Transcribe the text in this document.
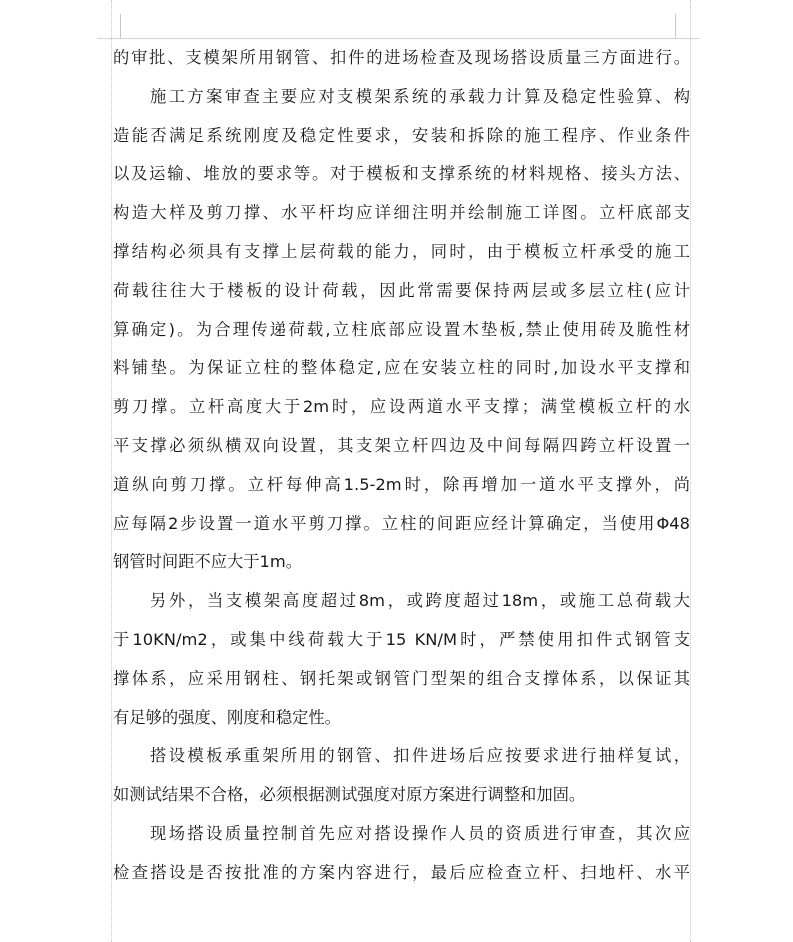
的审批、支模架所用钢管、扣件的进场检查及现场搭设质量三方面进行。
施工方案审查主要应对支模架系统的承载力计算及稳定性验算、构
造能否满足系统刚度及稳定性要求，安装和拆除的施工程序、作业条件
以及运输、堆放的要求等。对于模板和支撑系统的材料规格、接头方法、
构造大样及剪刀撑、水平杆均应详细注明并绘制施工详图。立杆底部支
撑结构必须具有支撑上层荷载的能力，同时，由于模板立杆承受的施工
荷载往往大于楼板的设计荷载，因此常需要保持两层或多层立柱(应计
算确定)。为合理传递荷载,立柱底部应设置木垫板,禁止使用砖及脆性材
料铺垫。为保证立柱的整体稳定,应在安装立柱的同时,加设水平支撑和
剪刀撑。立杆高度大于2m时，应设两道水平支撑；满堂模板立杆的水
平支撑必须纵横双向设置，其支架立杆四边及中间每隔四跨立杆设置一
道纵向剪刀撑。立杆每伸高1.5-2m时，除再增加一道水平支撑外，尚
应每隔2步设置一道水平剪刀撑。立柱的间距应经计算确定，当使用Φ48
钢管时间距不应大于1m。
另外，当支模架高度超过8m，或跨度超过18m，或施工总荷载大
于10KN/m2，或集中线荷载大于15 KN/M时，严禁使用扣件式钢管支
撑体系，应采用钢柱、钢托架或钢管门型架的组合支撑体系，以保证其
有足够的强度、刚度和稳定性。
搭设模板承重架所用的钢管、扣件进场后应按要求进行抽样复试，
如测试结果不合格，必须根据测试强度对原方案进行调整和加固。
现场搭设质量控制首先应对搭设操作人员的资质进行审查，其次应
检查搭设是否按批准的方案内容进行，最后应检查立杆、扫地杆、水平
